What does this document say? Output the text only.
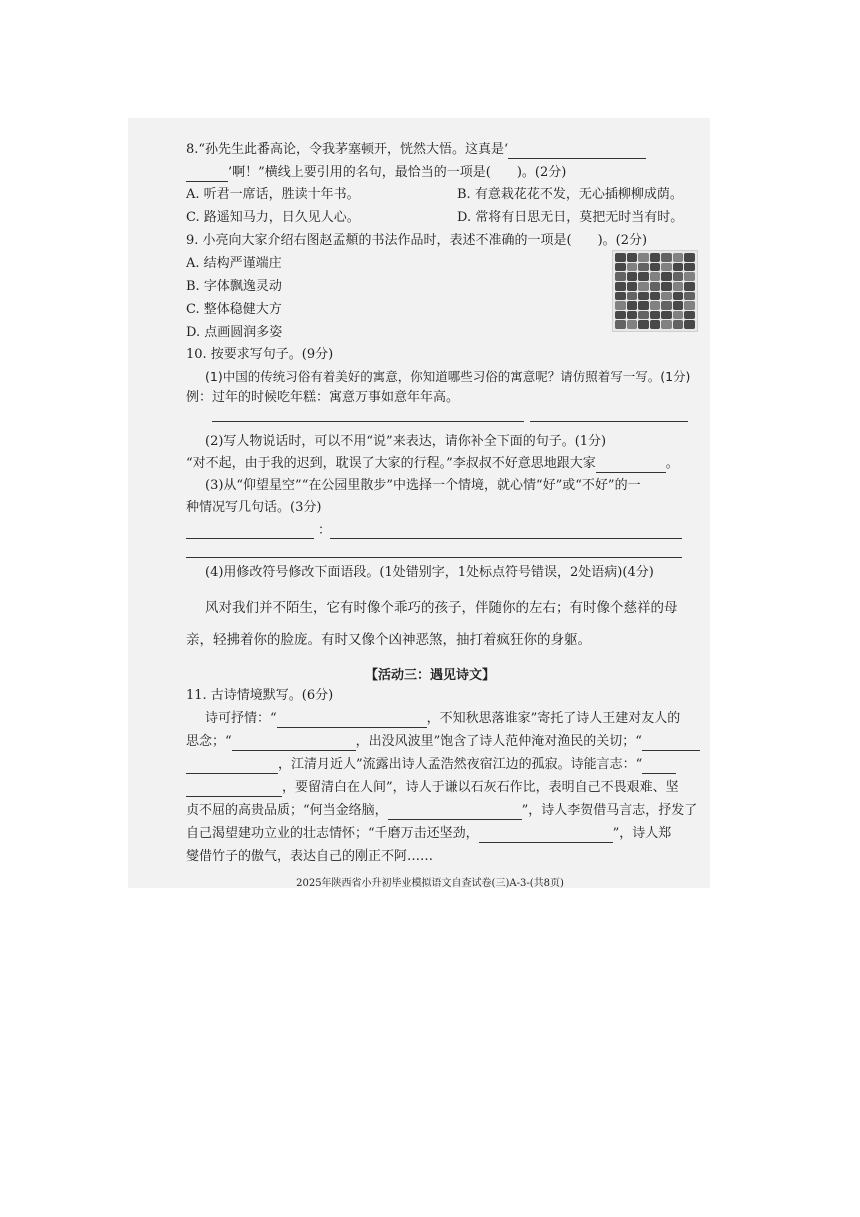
8.“孙先生此番高论，令我茅塞顿开，恍然大悟。这真是‘
’啊！”横线上要引用的名句，最恰当的一项是(　　)。(2分)
A. 听君一席话，胜读十年书。	B. 有意栽花花不发，无心插柳柳成荫。
C. 路遥知马力，日久见人心。	D. 常将有日思无日，莫把无时当有时。
9. 小亮向大家介绍右图赵孟頫的书法作品时，表述不准确的一项是(　　)。(2分)
A. 结构严谨端庄
B. 字体飘逸灵动
C. 整体稳健大方
D. 点画圆润多姿
10. 按要求写句子。(9分)
(1)中国的传统习俗有着美好的寓意，你知道哪些习俗的寓意呢？请仿照着写一写。(1分)
例：过年的时候吃年糕：寓意万事如意年年高。
(2)写人物说话时，可以不用“说”来表达，请你补全下面的句子。(1分)
“对不起，由于我的迟到，耽误了大家的行程。”李叔叔不好意思地跟大家	。
(3)从“仰望星空”“在公园里散步”中选择一个情境，就心情“好”或“不好”的一
种情况写几句话。(3分)
：
(4)用修改符号修改下面语段。(1处错别字，1处标点符号错误，2处语病)(4分)
风对我们并不陌生，它有时像个乖巧的孩子，伴随你的左右；有时像个慈祥的母
亲，轻拂着你的脸庞。有时又像个凶神恶煞，抽打着疯狂你的身躯。
【活动三：遇见诗文】
11. 古诗情境默写。(6分)
诗可抒情：“	，不知秋思落谁家”寄托了诗人王建对友人的
思念；“	，出没风波里”饱含了诗人范仲淹对渔民的关切；“
，江清月近人”流露出诗人孟浩然夜宿江边的孤寂。诗能言志：“
，要留清白在人间”，诗人于谦以石灰石作比，表明自己不畏艰难、坚
贞不屈的高贵品质；“何当金络脑，	”，诗人李贺借马言志，抒发了
自己渴望建功立业的壮志情怀；“千磨万击还坚劲，	”，诗人郑
燮借竹子的傲气，表达自己的刚正不阿……
2025年陕西省小升初毕业模拟语文自查试卷(三)A-3-(共8页)
